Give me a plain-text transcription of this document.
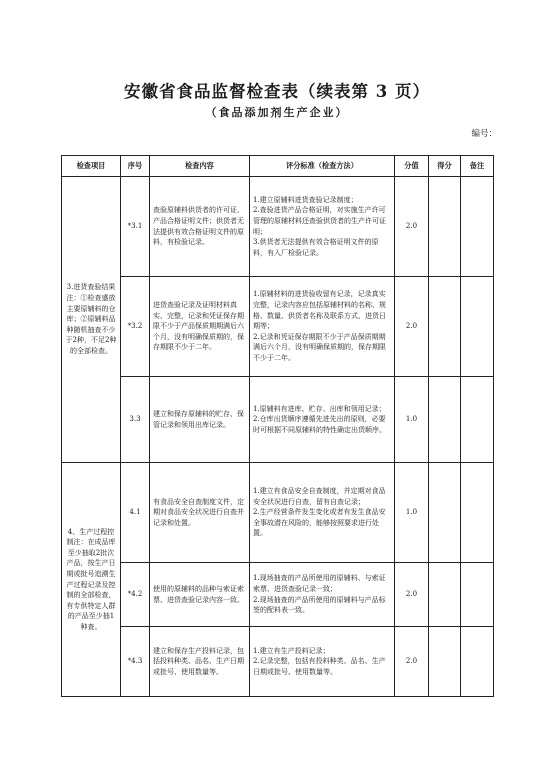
安徽省食品监督检查表（续表第 3 页）
（食品添加剂生产企业）
编号：
检查项目	序号	检查内容	评分标准（检查方法）	分值	得分	备注
3.进货查验结果注：①检查盛放主要原辅料的仓库；②原辅料品种随机抽查不少于2种，不足2种的全部检查。	*3.1	查验原辅料供货者的许可证、产品合格证明文件；供货者无法提供有效合格证明文件的原料，有检验记录。	1.建立原辅料进货查验记录制度；
2.查验进货产品合格证明，对实施生产许可管理的原辅材料还查验供货者的生产许可证明；
3.供货者无法提供有效合格证明文件的原料，有入厂检验记录。	2.0		
	*3.2	进货查验记录及证明材料真实、完整，记录和凭证保存期限不少于产品保质期期满后六个月，没有明确保质期的，保存期限不少于二年。	1.原辅材料的进货验收留有记录，记录真实完整，记录内容应包括原辅材料的名称、规格、数量、供货者名称及联系方式、进货日期等；
2.记录和凭证保存期限不少于产品保质期期满后六个月，没有明确保质期的，保存期限不少于二年。	2.0		
	3.3	建立和保存原辅料的贮存、保管记录和领用出库记录。	1.原辅料有进库、贮存、出库和领用记录；
2.仓库出货顺序遵循先进先出的原则，必要时可根据不同原辅料的特性确定出货顺序。	1.0		
4、生产过程控制注：在成品库至少抽取2批次产品，按生产日期或批号追溯生产过程记录及控制的全部检查，有专供特定人群的产品至少抽1种查。	4.1	有食品安全自查制度文件，定期对食品安全状况进行自查并记录和处置。	1.建立有食品安全自查制度，并定期对食品安全状况进行自查，留有自查记录；
2.生产经营条件发生变化或者有发生食品安全事故潜在风险的，能够按照要求进行处置。	1.0		
	*4.2	使用的原辅料的品种与索证索票、进货查验记录内容一致。	1.现场抽查的产品所使用的原辅料、与索证索票、进货查验记录一致；
2.现场抽查的产品所使用的原辅料与产品标签的配料表一致。	2.0		
	*4.3	建立和保存生产投料记录，包括投料种类、品名、生产日期或批号、使用数量等。	1.建立有生产投料记录；
2.记录完整，包括有投料种类、品名、生产日期或批号、使用数量等。	2.0		
